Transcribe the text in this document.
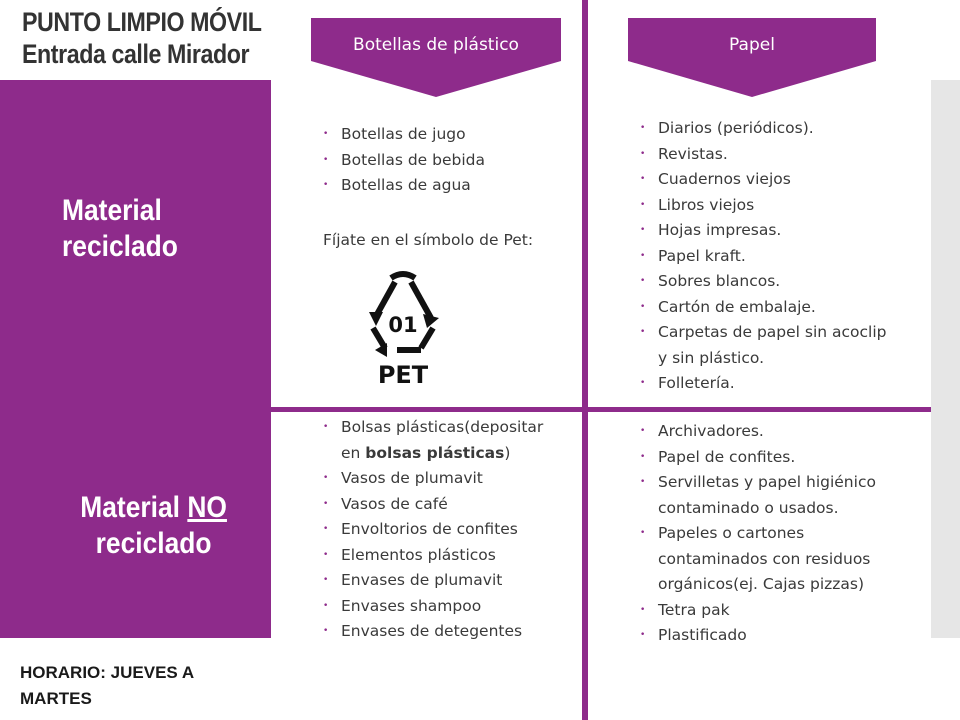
PUNTO LIMPIO MÓVIL
Entrada calle Mirador
Material reciclado
Material NO
reciclado
Botellas de plástico	Papel
• Botellas de jugo
• Botellas de bebida
• Botellas de agua
Fíjate en el símbolo de Pet:
01
PET
• Diarios (periódicos).
• Revistas.
• Cuadernos viejos
• Libros viejos
• Hojas impresas.
• Papel kraft.
• Sobres blancos.
• Cartón de embalaje.
• Carpetas de papel sin acoclip y sin plástico.
• Folletería.
• Bolsas plásticas(depositar en bolsas plásticas)
• Vasos de plumavit
• Vasos de café
• Envoltorios de confites
• Elementos plásticos
• Envases de plumavit
• Envases shampoo
• Envases de detegentes
• Archivadores.
• Papel de confites.
• Servilletas y papel higiénico contaminado o usados.
• Papeles o cartones contaminados con residuos orgánicos(ej. Cajas pizzas)
• Tetra pak
• Plastificado
HORARIO: JUEVES A MARTES
